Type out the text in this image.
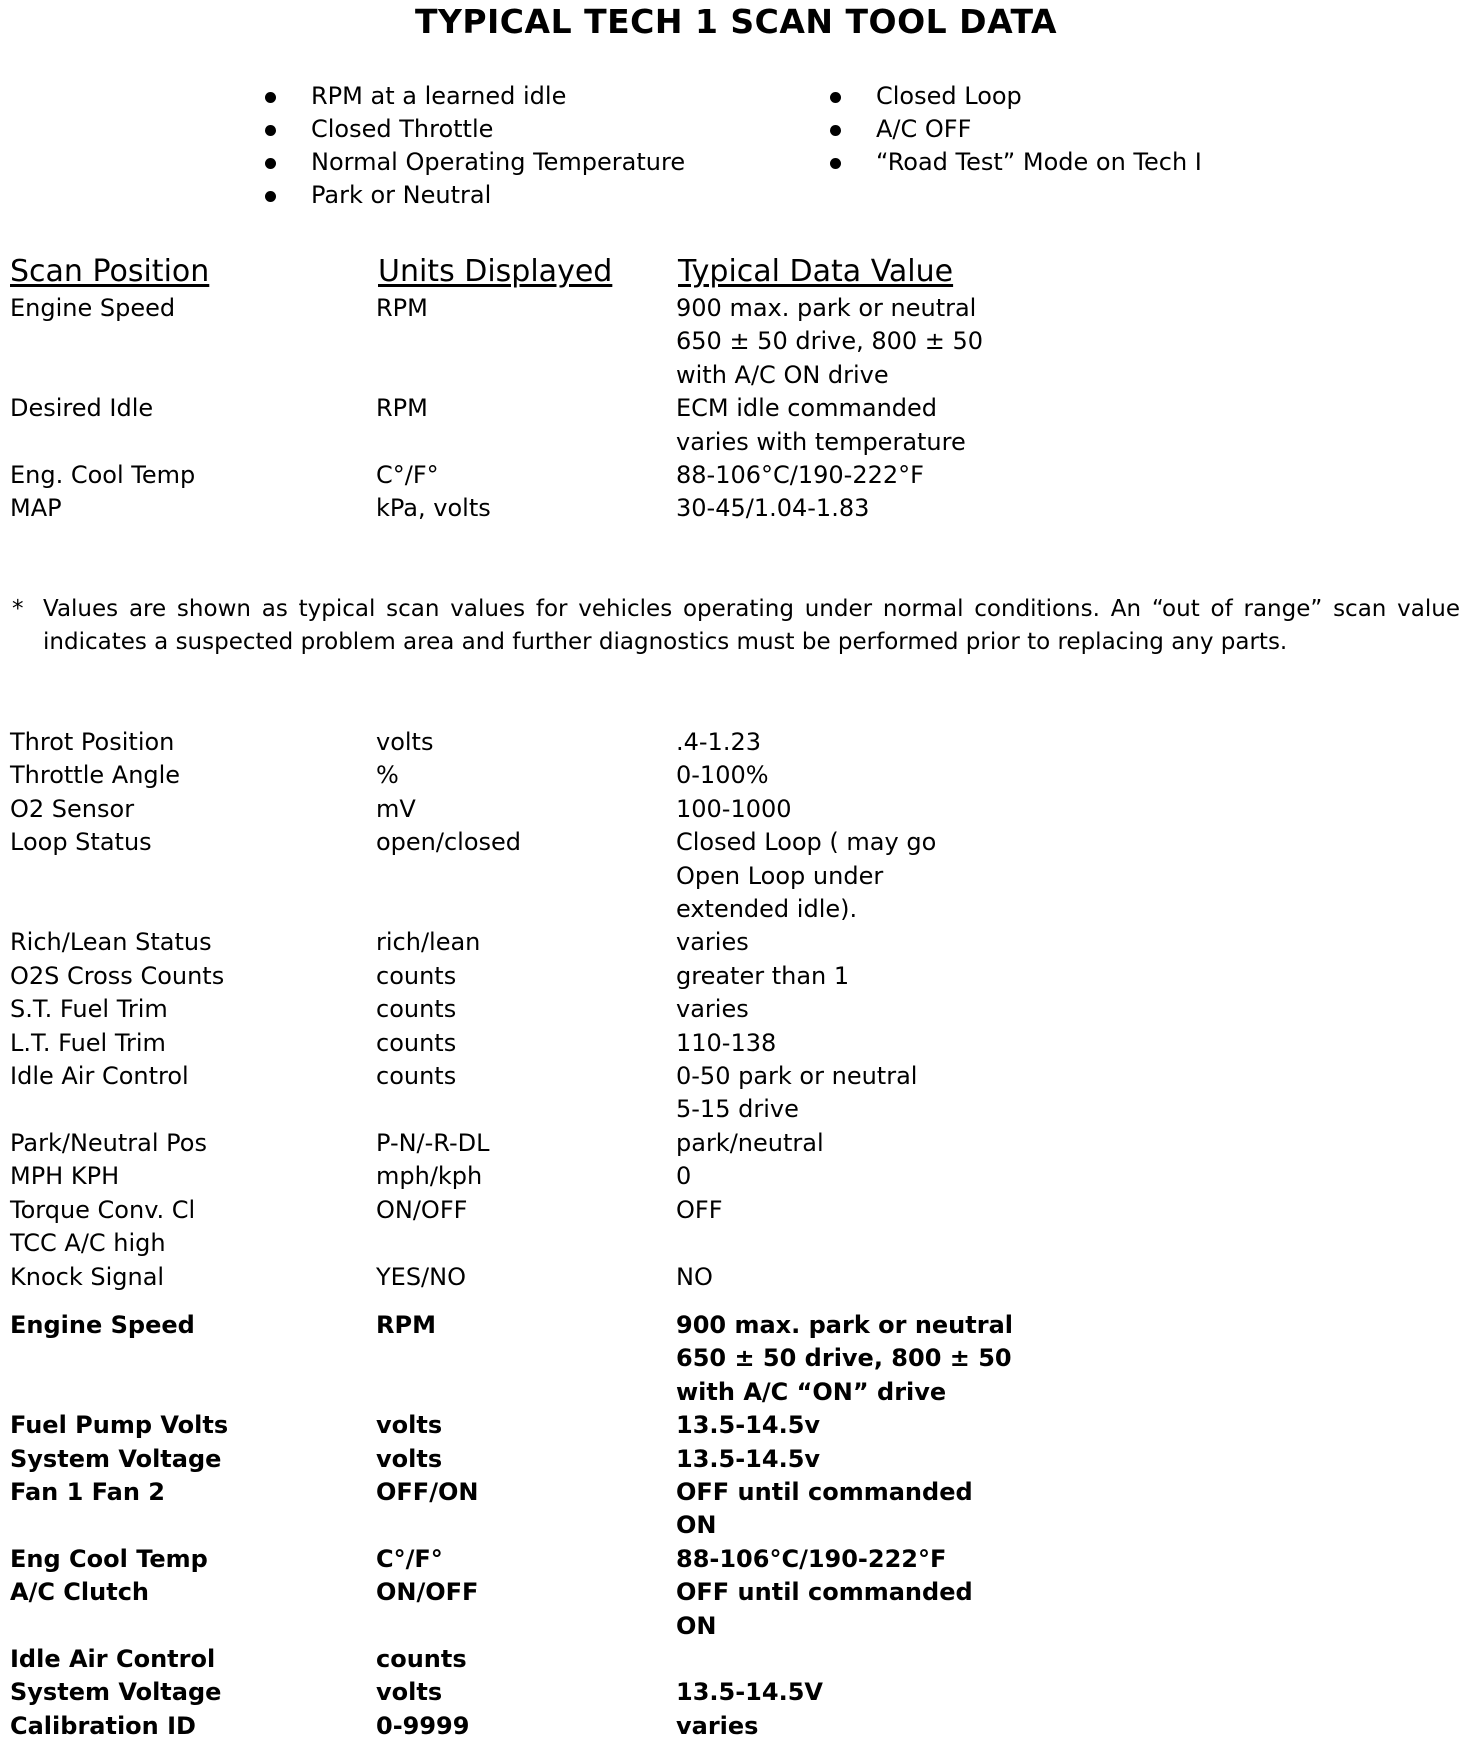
TYPICAL TECH 1 SCAN TOOL DATA
RPM at a learned idle
Closed Throttle
Normal Operating Temperature
Park or Neutral
Closed Loop
A/C OFF
“Road Test” Mode on Tech I
Scan Position	Units Displayed Typical Data Value
Engine Speed	RPM	900 max. park or neutral
650 ± 50 drive, 800 ± 50
with A/C ON drive
Desired Idle	RPM	ECM idle commanded
varies with temperature
Eng. Cool Temp	C°/F°	88-106°C/190-222°F
MAP	kPa, volts	30-45/1.04-1.83
* Values are shown as typical scan values for vehicles operating under normal conditions. An “out of range” scan value indicates a suspected problem area and further diagnostics must be performed prior to replacing any parts.
Throt Position	volts	.4-1.23
Throttle Angle	%	0-100%
O2 Sensor	mV	100-1000
Loop Status	open/closed	Closed Loop ( may go
Open Loop under
extended idle).
Rich/Lean Status	rich/lean	varies
O2S Cross Counts	counts	greater than 1
S.T. Fuel Trim	counts	varies
L.T. Fuel Trim	counts	110-138
Idle Air Control	counts	0-50 park or neutral
5-15 drive
Park/Neutral Pos	P-N/-R-DL	park/neutral
MPH KPH	mph/kph	0
Torque Conv. Cl	ON/OFF	OFF
TCC A/C high

Knock Signal	YES/NO	NO
Engine Speed	RPM	900 max. park or neutral
650 ± 50 drive, 800 ± 50
with A/C “ON” drive
Fuel Pump Volts	volts	13.5-14.5v
System Voltage	volts	13.5-14.5v
Fan 1 Fan 2	OFF/ON	OFF until commanded
ON
Eng Cool Temp	C°/F°	88-106°C/190-222°F
A/C Clutch	ON/OFF	OFF until commanded
ON
Idle Air Control	counts

System Voltage	volts	13.5-14.5V
Calibration ID	0-9999	varies
